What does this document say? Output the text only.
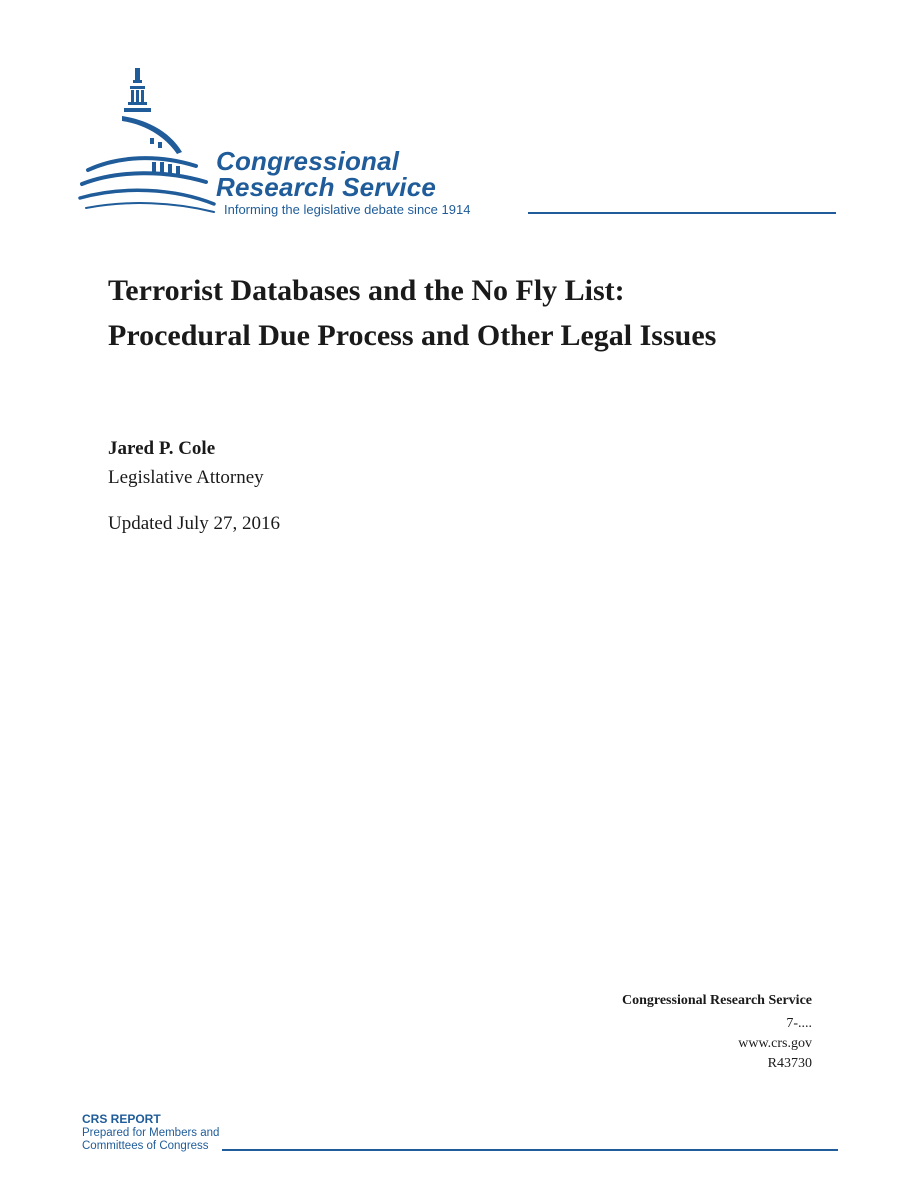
Congressional
Research Service
Informing the legislative debate since 1914
Terrorist Databases and the No Fly List: Procedural Due Process and Other Legal Issues
Jared P. Cole
Legislative Attorney
Updated July 27, 2016
Congressional Research Service
7-....
www.crs.gov
R43730
CRS REPORT
Prepared for Members and
Committees of Congress
